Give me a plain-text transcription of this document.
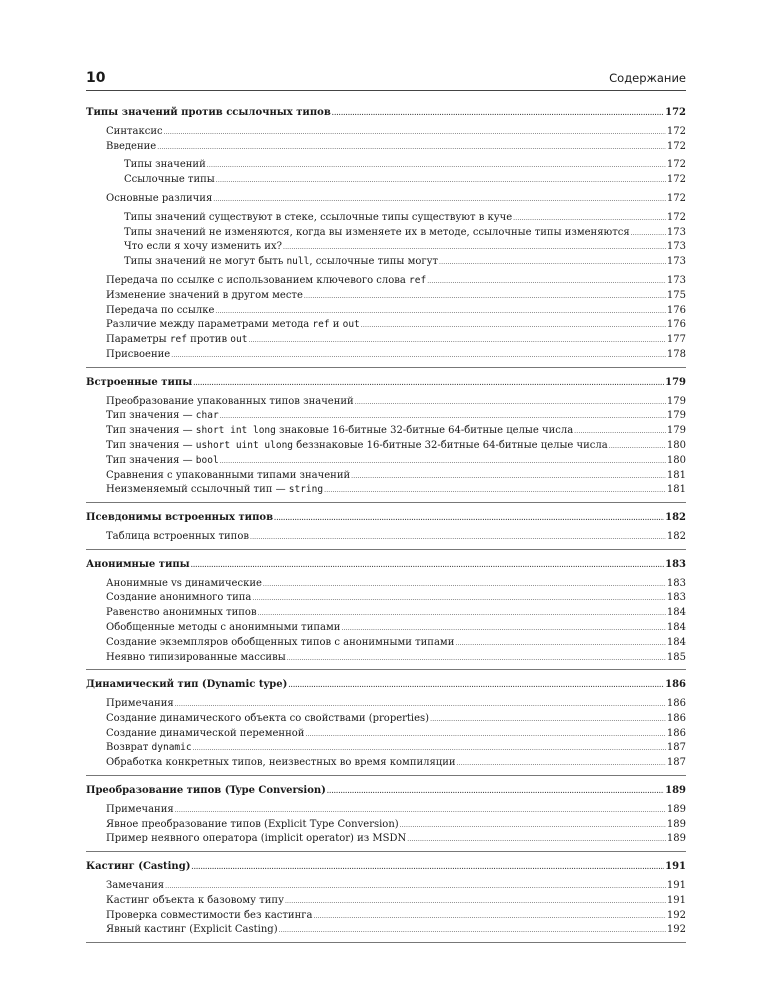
10	Содержание
Типы значений против ссылочных типов .....	172
Синтаксис .....	172
Введение .....	172
Типы значений .....	172
Ссылочные типы .....	172
Основные различия .....	172
Типы значений существуют в стеке, ссылочные типы существуют в куче .....	172
Типы значений не изменяются, когда вы изменяете их в методе, ссылочные типы изменяются .....	173
Что если я хочу изменить их? .....	173
Типы значений не могут быть null, ссылочные типы могут .....	173
Передача по ссылке с использованием ключевого слова ref .....	173
Изменение значений в другом месте .....	175
Передача по ссылке .....	176
Различие между параметрами метода ref и out .....	176
Параметры ref против out .....	177
Присвоение .....	178
Встроенные типы .....	179
Преобразование упакованных типов значений .....	179
Тип значения — char .....	179
Тип значения — short int long знаковые 16-битные 32-битные 64-битные целые числа .....	179
Тип значения — ushort uint ulong беззнаковые 16-битные 32-битные 64-битные целые числа .....	180
Тип значения — bool .....	180
Сравнения с упакованными типами значений .....	181
Неизменяемый ссылочный тип — string .....	181
Псевдонимы встроенных типов .....	182
Таблица встроенных типов .....	182
Анонимные типы .....	183
Анонимные vs динамические .....	183
Создание анонимного типа .....	183
Равенство анонимных типов .....	184
Обобщенные методы с анонимными типами .....	184
Создание экземпляров обобщенных типов с анонимными типами .....	184
Неявно типизированные массивы .....	185
Динамический тип (Dynamic type) .....	186
Примечания .....	186
Создание динамического объекта со свойствами (properties) .....	186
Создание динамической переменной .....	186
Возврат dynamic .....	187
Обработка конкретных типов, неизвестных во время компиляции .....	187
Преобразование типов (Type Conversion) .....	189
Примечания .....	189
Явное преобразование типов (Explicit Type Conversion) .....	189
Пример неявного оператора (implicit operator) из MSDN .....	189
Кастинг (Casting) .....	191
Замечания .....	191
Кастинг объекта к базовому типу .....	191
Проверка совместимости без кастинга .....	192
Явный кастинг (Explicit Casting) .....	192
